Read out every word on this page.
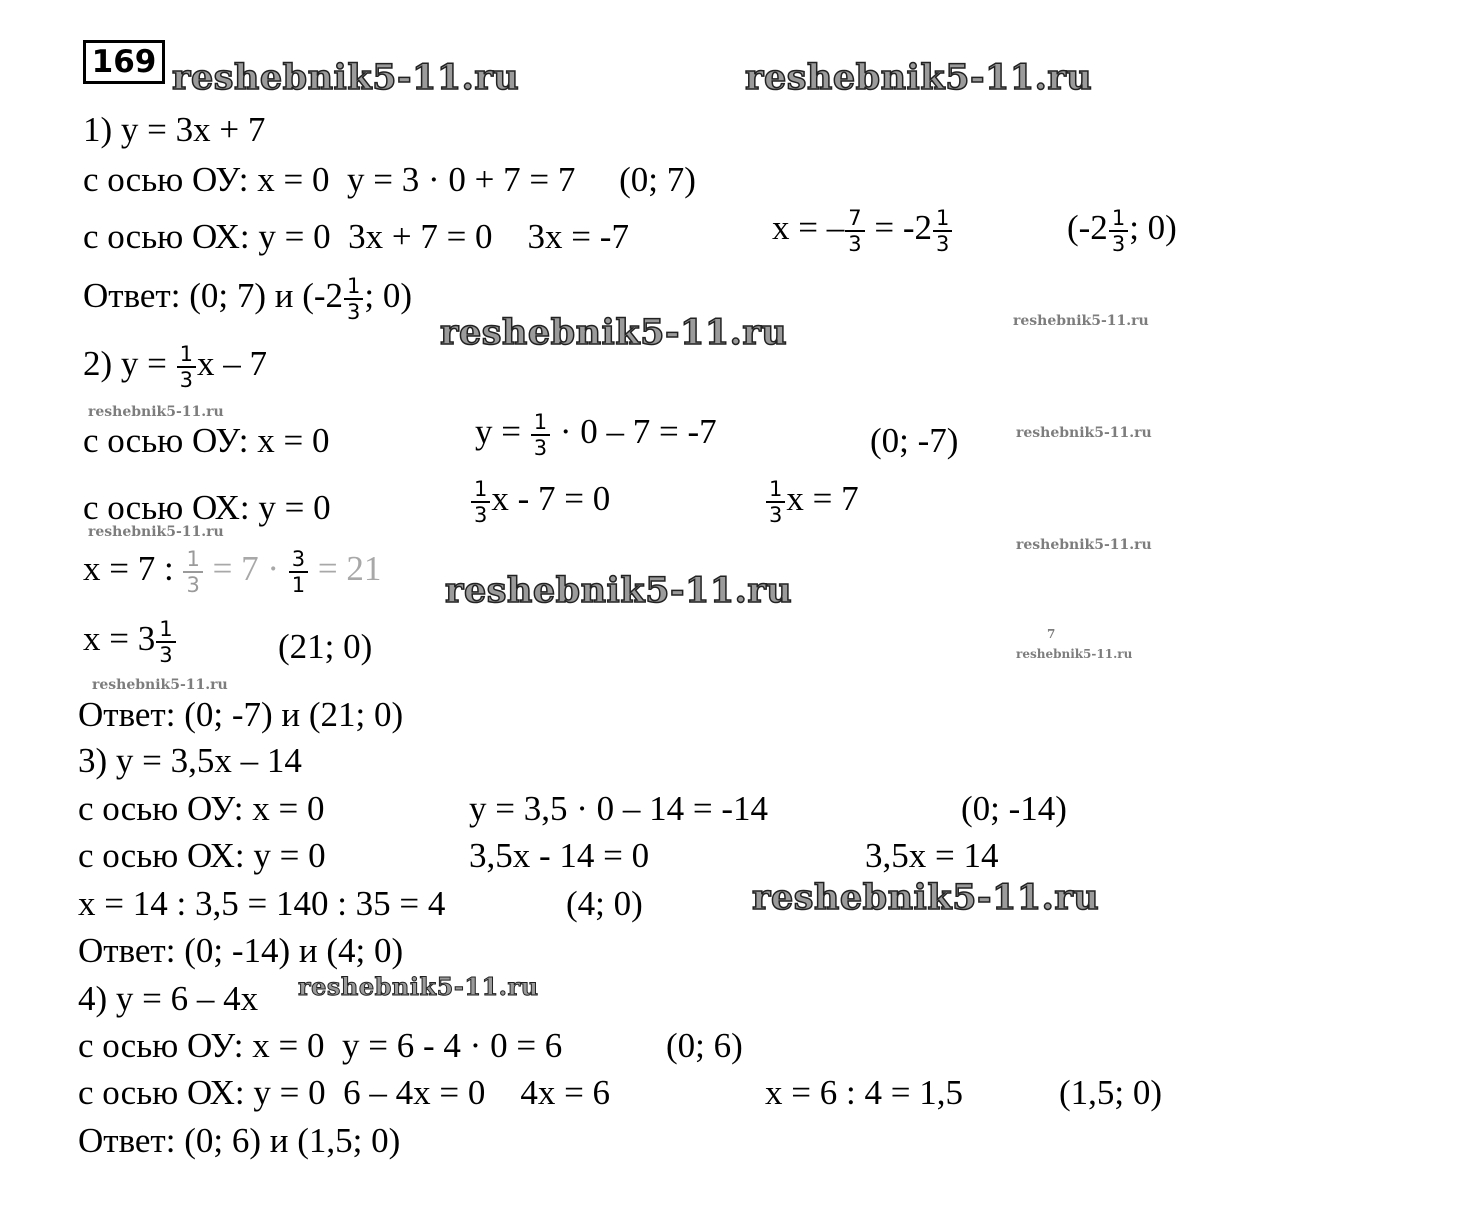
169 reshebnik5-11.ru	reshebnik5-11.ru
reshebnik5-11.ru	reshebnik5-11.ru
reshebnik5-11.ru
reshebnik5-11.ru
reshebnik5-11.ru
reshebnik5-11.ru
reshebnik5-11.ru
7
reshebnik5-11.ru
reshebnik5-11.ru
reshebnik5-11.ru
reshebnik5-11.ru
1) y = 3x + 7
с осью ОУ: x = 0  y = 3 · 0 + 7 = 7     (0; 7)
с осью ОХ: y = 0  3x + 7 = 0    3x = -7	x = – $\frac{7}{3} = -2 \frac{1}{3}$	($-2 \frac{1}{3}$ ; 0)
Ответ: (0; 7) и ($-2 \frac{1}{3}$ ; 0)
2) $y = \frac{1}{3}$ x – 7
с осью ОУ: x = 0	$y = \frac{1}{3} \cdot 0 - 7 = -7$	(0; -7)
с осью ОХ: y = 0	$\frac{1}{3}$ x - 7 = 0	$\frac{1}{3}$ x = 7
x = 7 : $\frac{1}{3} = 7 \cdot \frac{3}{1} = 21$
$x = 3 \frac{1}{3}$	(21; 0)
Ответ: (0; -7) и (21; 0)
3) y = 3,5x – 14
с осью ОУ: x = 0	y = 3,5 · 0 – 14 = -14	(0; -14)
с осью ОХ: y = 0	3,5x - 14 = 0	3,5x = 14
x = 14 : 3,5 = 140 : 35 = 4	(4; 0)
Ответ: (0; -14) и (4; 0)
4) y = 6 – 4x
с осью ОУ: x = 0  y = 6 - 4 · 0 = 6	(0; 6)
с осью ОХ: y = 0  6 – 4x = 0    4x = 6	x = 6 : 4 = 1,5	(1,5; 0)
Ответ: (0; 6) и (1,5; 0)
